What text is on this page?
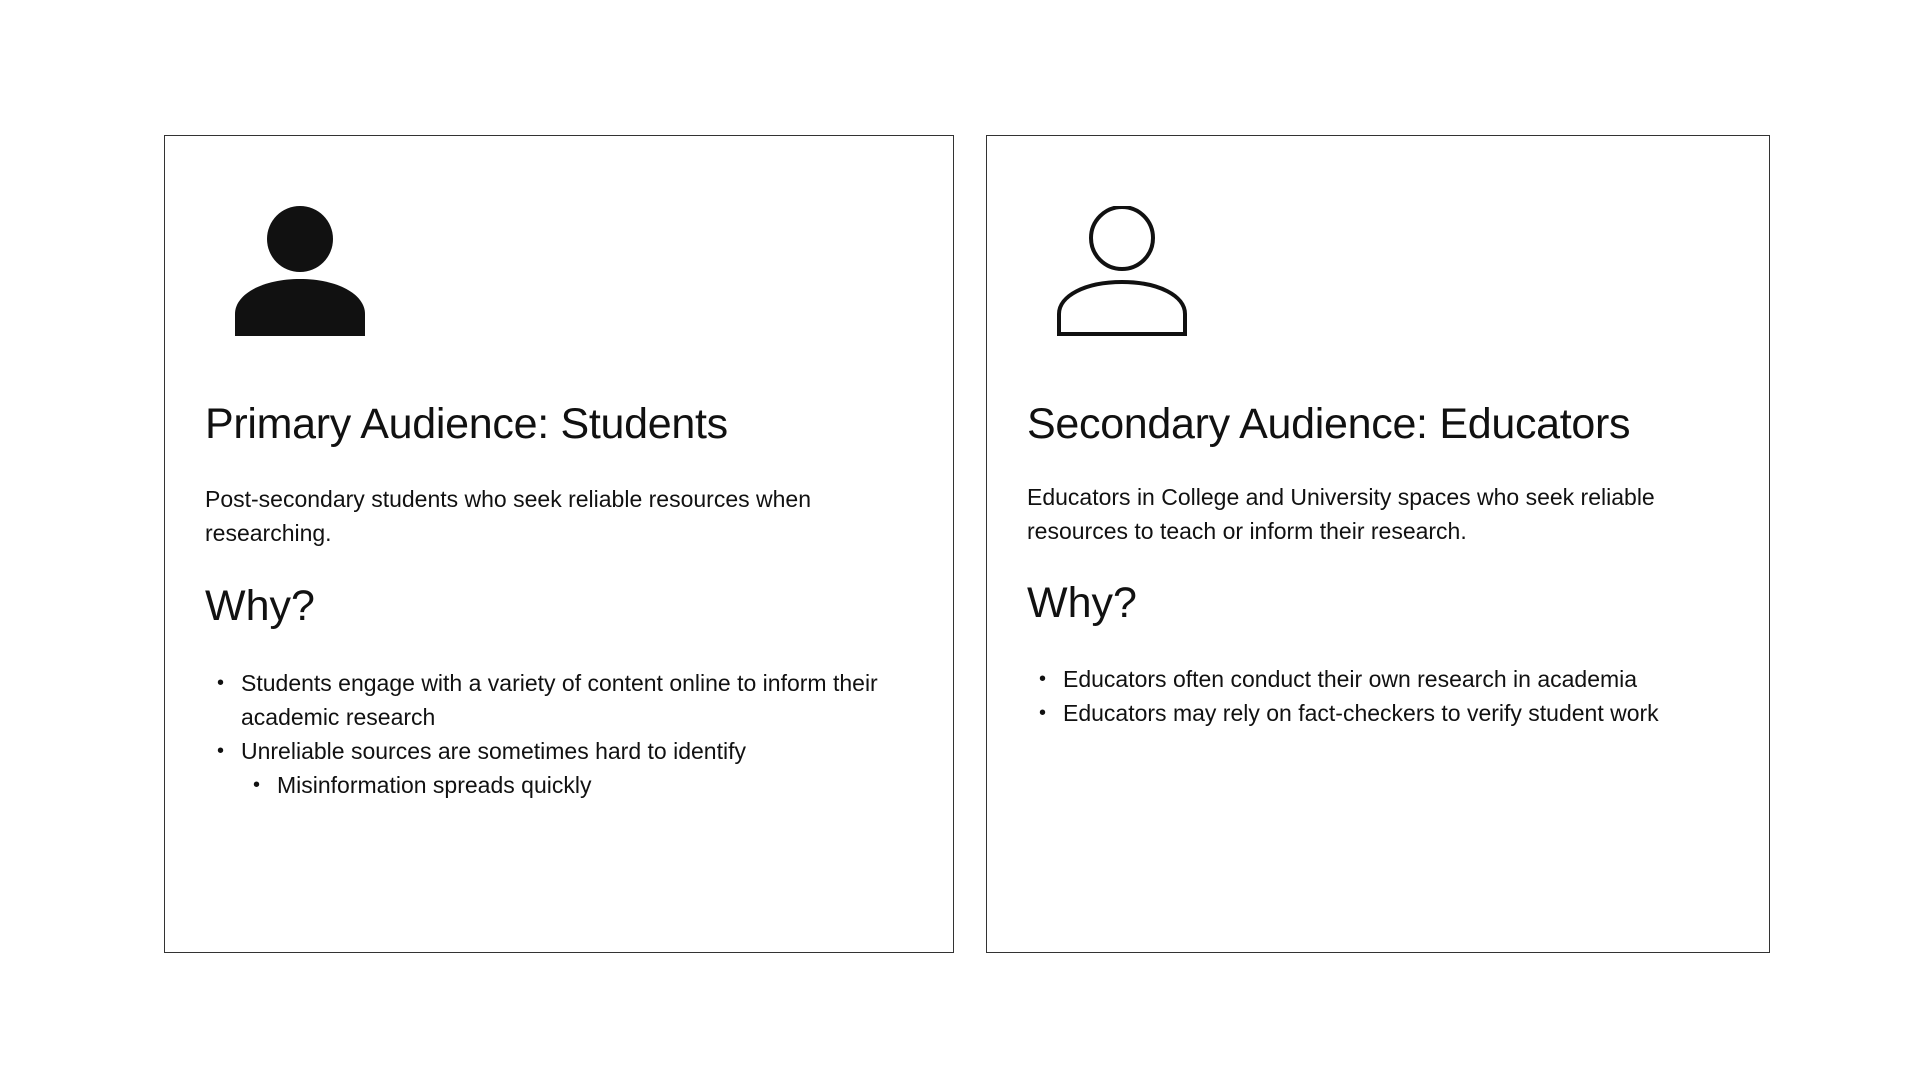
Primary Audience: Students

Post-secondary students who seek reliable resources when researching.

Why?
• Students engage with a variety of content online to inform their academic research
• Unreliable sources are sometimes hard to identify
• Misinformation spreads quickly
Secondary Audience: Educators

Educators in College and University spaces who seek reliable resources to teach or inform their research.

Why?
• Educators often conduct their own research in academia
• Educators may rely on fact-checkers to verify student work
